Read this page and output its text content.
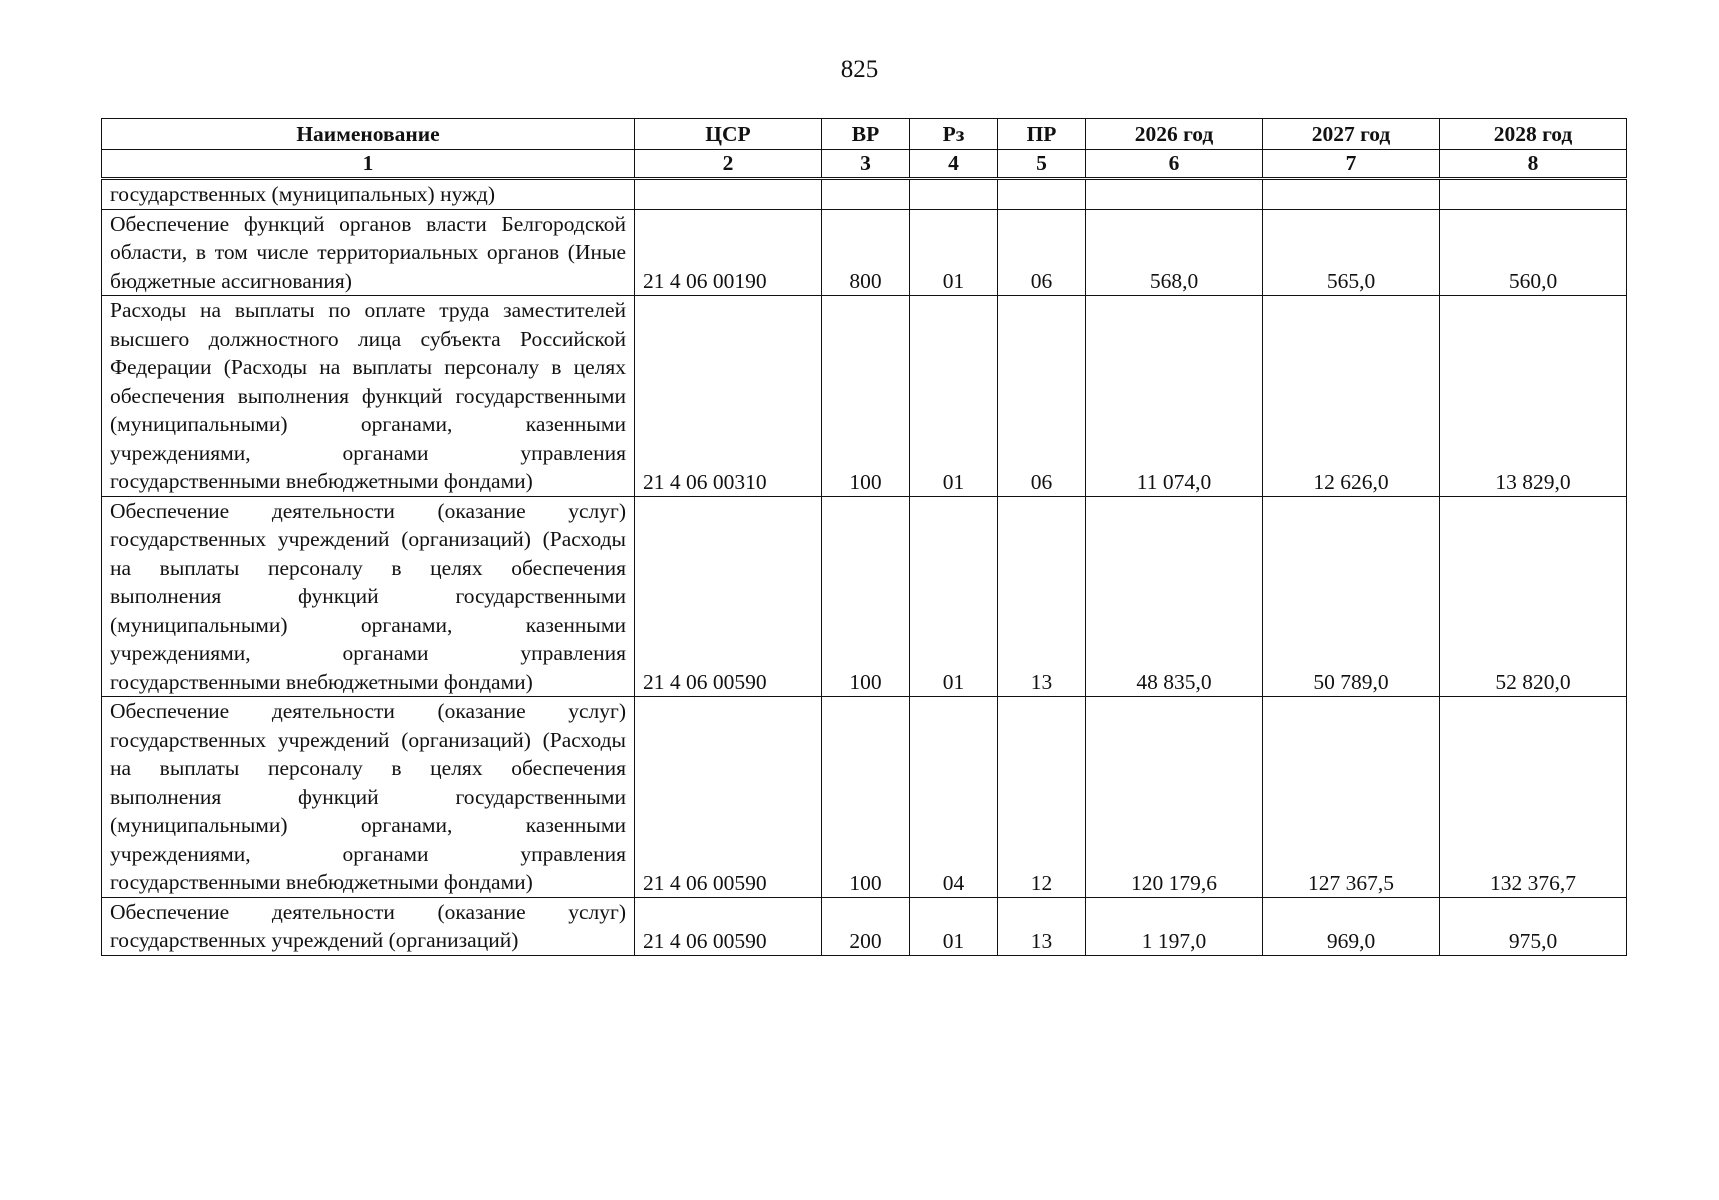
825
Наименование	ЦСР	ВР	Рз	ПР	2026 год	2027 год	2028 год
1	2	3	4	5	6	7	8
государственных (муниципальных) нужд)							
Обеспечение функций органов власти Белгородской области, в том числе территориальных органов (Иные бюджетные ассигнования)	21 4 06 00190	800	01	06	568,0	565,0	560,0
Расходы на выплаты по оплате труда заместителей высшего должностного лица субъекта Российской Федерации (Расходы на выплаты персоналу в целях обеспечения выполнения функций государственными (муниципальными) органами, казенными учреждениями, органами управления государственными внебюджетными фондами)	21 4 06 00310	100	01	06	11 074,0	12 626,0	13 829,0
Обеспечение деятельности (оказание услуг) государственных учреждений (организаций) (Расходы на выплаты персоналу в целях обеспечения выполнения функций государственными (муниципальными) органами, казенными учреждениями, органами управления государственными внебюджетными фондами)	21 4 06 00590	100	01	13	48 835,0	50 789,0	52 820,0
Обеспечение деятельности (оказание услуг) государственных учреждений (организаций) (Расходы на выплаты персоналу в целях обеспечения выполнения функций государственными (муниципальными) органами, казенными учреждениями, органами управления государственными внебюджетными фондами)	21 4 06 00590	100	04	12	120 179,6	127 367,5	132 376,7
Обеспечение деятельности (оказание услуг) государственных учреждений (организаций)	21 4 06 00590	200	01	13	1 197,0	969,0	975,0
